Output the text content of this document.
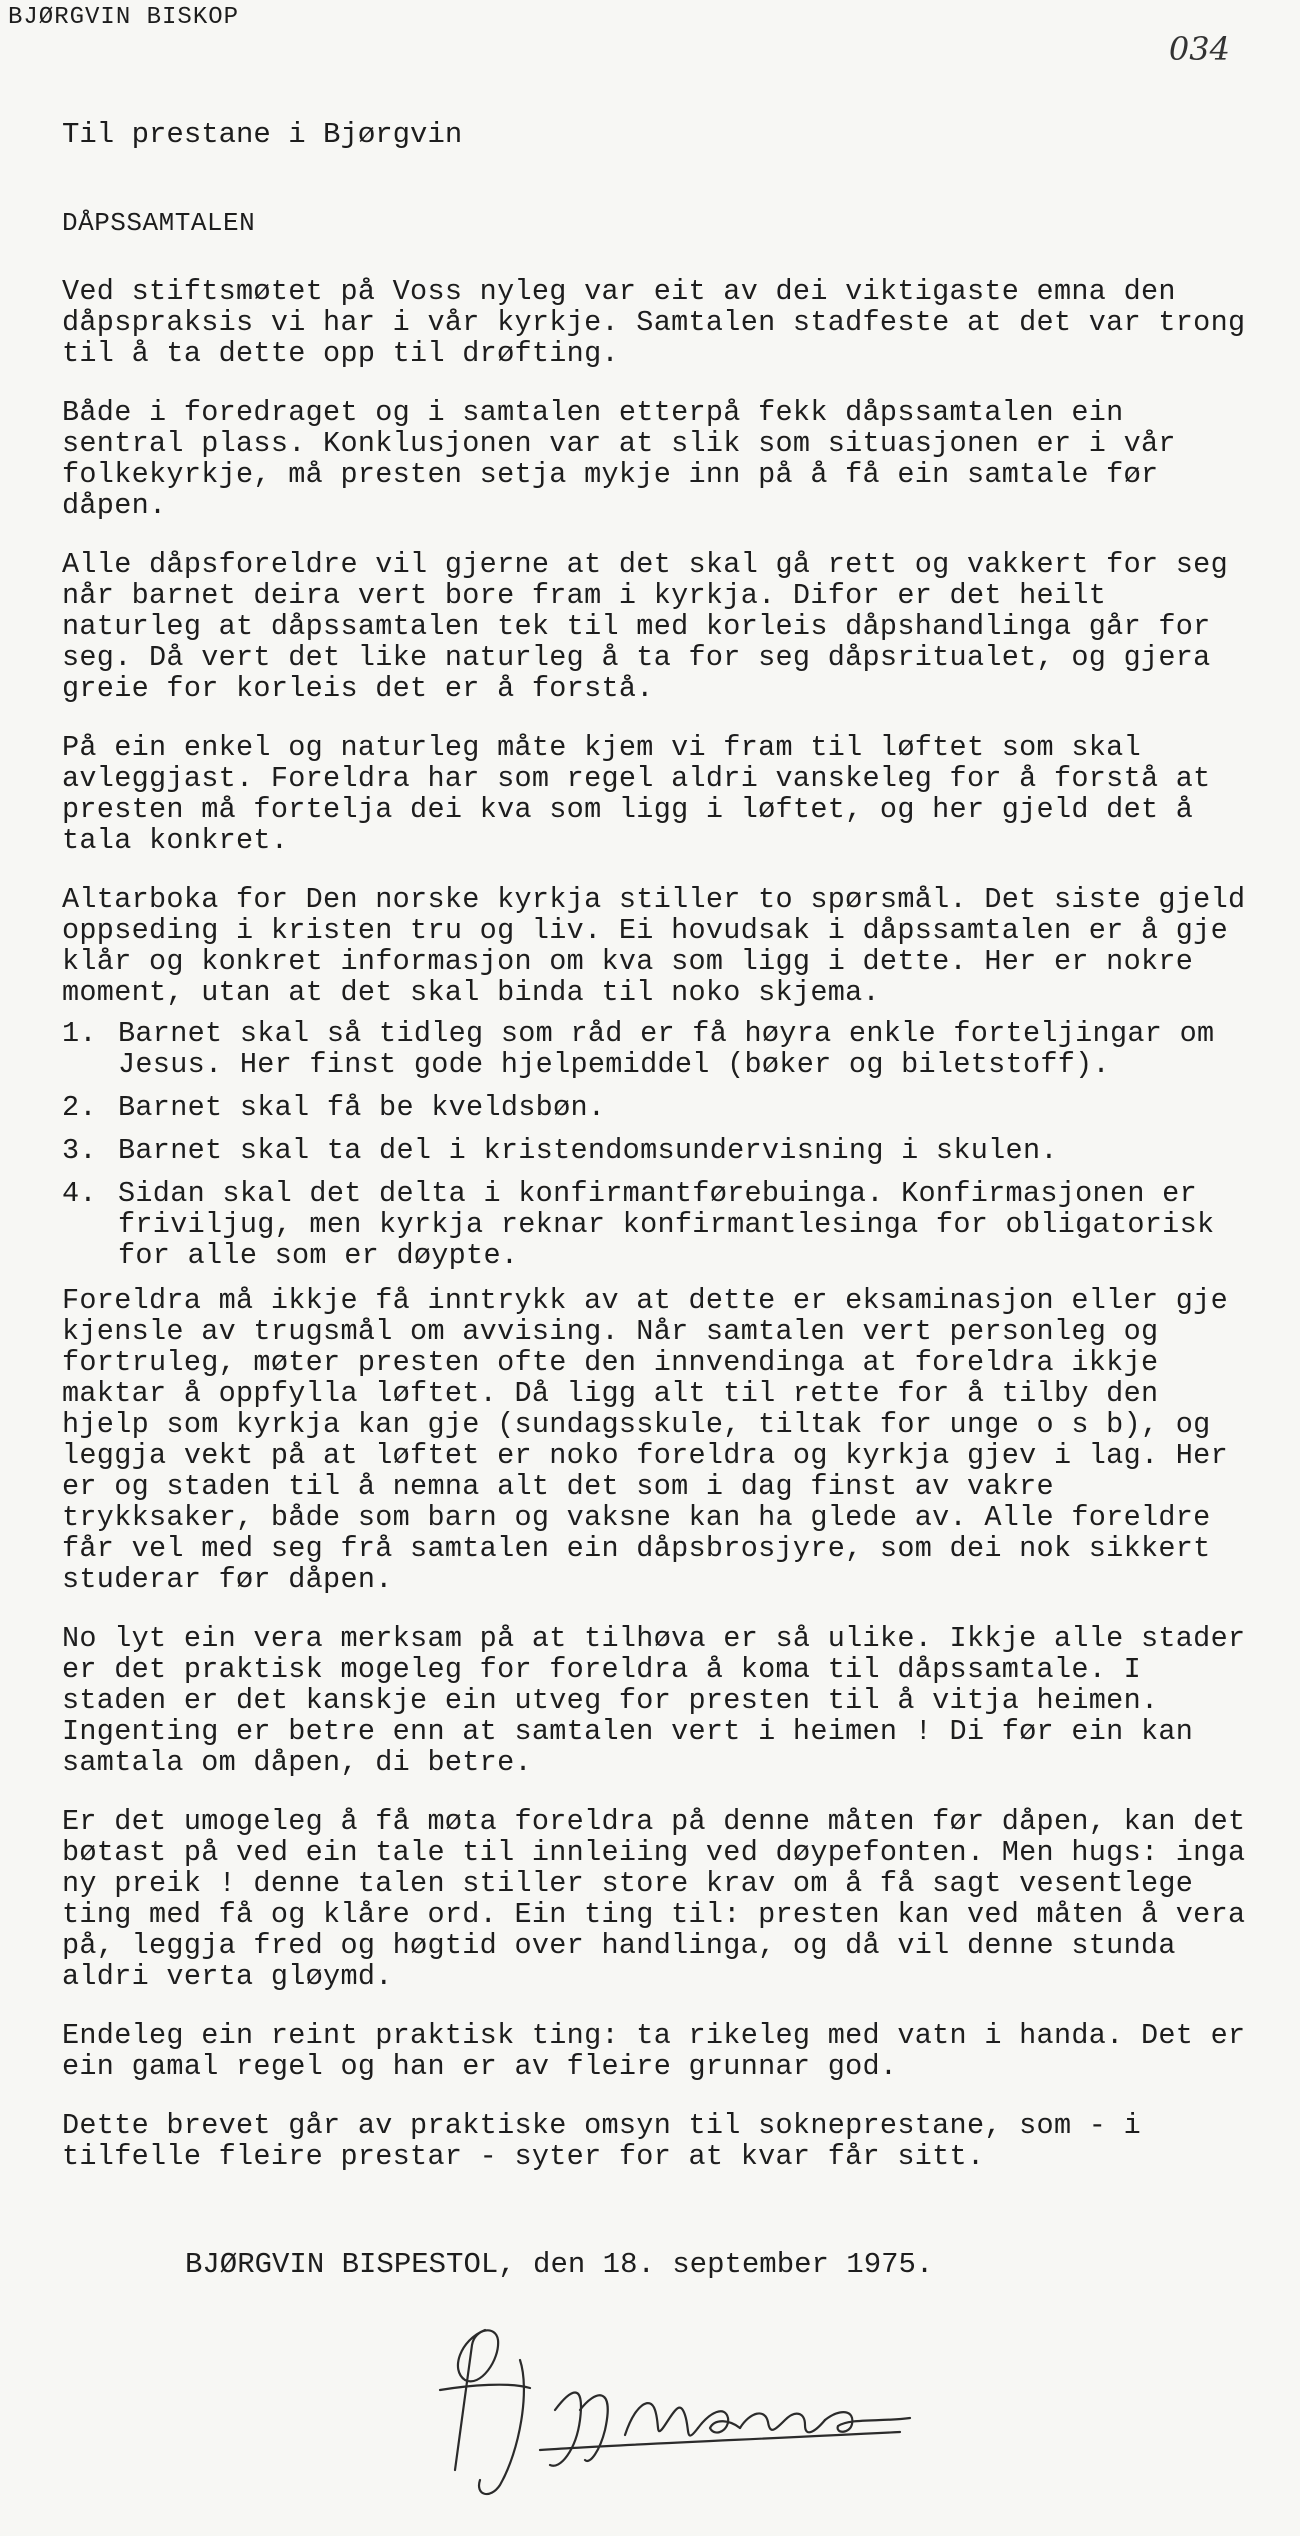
BJØRGVIN BISKOP
034
Til prestane i Bjørgvin
DÅPSSAMTALEN

Ved stiftsmøtet på Voss nyleg var eit av dei viktigaste emna den dåpspraksis vi har i vår kyrkje. Samtalen stadfeste at det var trong til å ta dette opp til drøfting.

Både i foredraget og i samtalen etterpå fekk dåpssamtalen ein sentral plass. Konklusjonen var at slik som situasjonen er i vår folkekyrkje, må presten setja mykje inn på å få ein samtale før dåpen.

Alle dåpsforeldre vil gjerne at det skal gå rett og vakkert for seg når barnet deira vert bore fram i kyrkja. Difor er det heilt naturleg at dåpssamtalen tek til med korleis dåpshandlinga går for seg. Då vert det like naturleg å ta for seg dåpsritualet, og gjera greie for korleis det er å forstå.

På ein enkel og naturleg måte kjem vi fram til løftet som skal avleggjast. Foreldra har som regel aldri vanskeleg for å forstå at presten må fortelja dei kva som ligg i løftet, og her gjeld det å tala konkret.

Altarboka for Den norske kyrkja stiller to spørsmål. Det siste gjeld oppseding i kristen tru og liv. Ei hovudsak i dåpssamtalen er å gje klår og konkret informasjon om kva som ligg i dette. Her er nokre moment, utan at det skal binda til noko skjema.

1. Barnet skal så tidleg som råd er få høyra enkle forteljingar om Jesus. Her finst gode hjelpemiddel (bøker og biletstoff).
2. Barnet skal få be kveldsbøn.
3. Barnet skal ta del i kristendomsundervisning i skulen.
4. Sidan skal det delta i konfirmantførebuinga. Konfirmasjonen er friviljug, men kyrkja reknar konfirmantlesinga for obligatorisk for alle som er døypte.

Foreldra må ikkje få inntrykk av at dette er eksaminasjon eller gje kjensle av trugsmål om avvising. Når samtalen vert personleg og fortruleg, møter presten ofte den innvendinga at foreldra ikkje maktar å oppfylla løftet. Då ligg alt til rette for å tilby den hjelp som kyrkja kan gje (sundagsskule, tiltak for unge o s b), og leggja vekt på at løftet er noko foreldra og kyrkja gjev i lag. Her er og staden til å nemna alt det som i dag finst av vakre trykksaker, både som barn og vaksne kan ha glede av. Alle foreldre får vel med seg frå samtalen ein dåpsbrosjyre, som dei nok sikkert studerar før dåpen.

No lyt ein vera merksam på at tilhøva er så ulike. Ikkje alle stader er det praktisk mogeleg for foreldra å koma til dåpssamtale. I staden er det kanskje ein utveg for presten til å vitja heimen. Ingenting er betre enn at samtalen vert i heimen ! Di før ein kan samtala om dåpen, di betre.

Er det umogeleg å få møta foreldra på denne måten før dåpen, kan det bøtast på ved ein tale til innleiing ved døypefonten. Men hugs: inga ny preik ! denne talen stiller store krav om å få sagt vesentlege ting med få og klåre ord. Ein ting til: presten kan ved måten å vera på, leggja fred og høgtid over handlinga, og då vil denne stunda aldri verta gløymd.

Endeleg ein reint praktisk ting: ta rikeleg med vatn i handa. Det er ein gamal regel og han er av fleire grunnar god.

Dette brevet går av praktiske omsyn til sokneprestane, som - i tilfelle fleire prestar - syter for at kvar får sitt.

BJØRGVIN BISPESTOL, den 18. september 1975.
